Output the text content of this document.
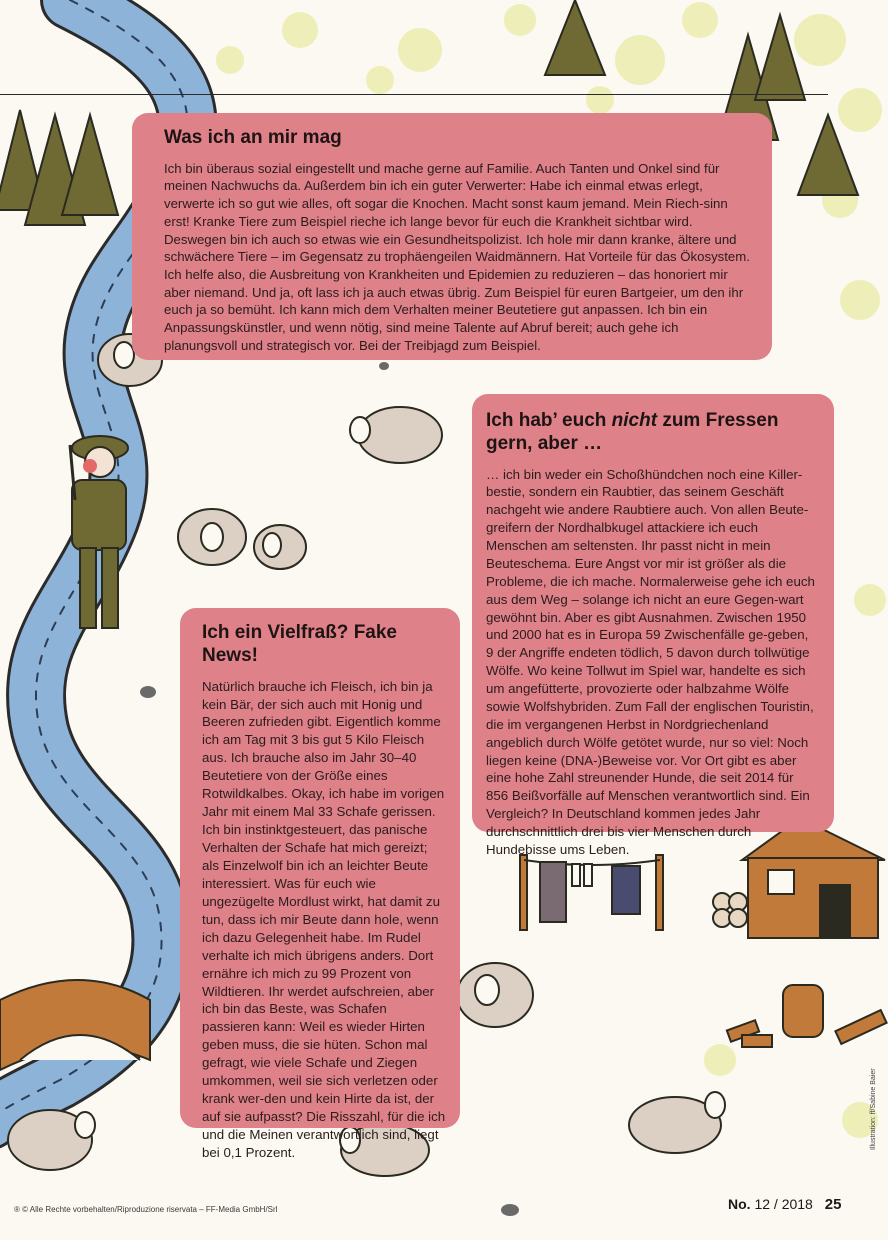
Was ich an mir mag

Ich bin überaus sozial eingestellt und mache gerne auf Familie. Auch Tanten und Onkel sind für meinen Nachwuchs da. Außerdem bin ich ein guter Verwerter: Habe ich einmal etwas erlegt, verwerte ich so gut wie alles, oft sogar die Knochen. Macht sonst kaum jemand. Mein Riech-sinn erst! Kranke Tiere zum Beispiel rieche ich lange bevor für euch die Krankheit sichtbar wird. Deswegen bin ich auch so etwas wie ein Gesundheitspolizist. Ich hole mir dann kranke, ältere und schwächere Tiere – im Gegensatz zu trophäengeilen Waidmännern. Hat Vorteile für das Ökosystem. Ich helfe also, die Ausbreitung von Krankheiten und Epidemien zu reduzieren – das honoriert mir aber niemand. Und ja, oft lass ich ja auch etwas übrig. Zum Beispiel für euren Bartgeier, um den ihr euch ja so bemüht. Ich kann mich dem Verhalten meiner Beutetiere gut anpassen. Ich bin ein Anpassungskünstler, und wenn nötig, sind meine Talente auf Abruf bereit; auch gehe ich planungsvoll und strategisch vor. Bei der Treibjagd zum Beispiel.

Ich hab’ euch nicht zum Fressen gern, aber …

… ich bin weder ein Schoßhündchen noch eine Killer-bestie, sondern ein Raubtier, das seinem Geschäft nachgeht wie andere Raubtiere auch. Von allen Beute-greifern der Nordhalbkugel attackiere ich euch Menschen am seltensten. Ihr passt nicht in mein Beuteschema. Eure Angst vor mir ist größer als die Probleme, die ich mache. Normalerweise gehe ich euch aus dem Weg – solange ich nicht an eure Gegen-wart gewöhnt bin. Aber es gibt Ausnahmen. Zwischen 1950 und 2000 hat es in Europa 59 Zwischenfälle ge-geben, 9 der Angriffe endeten tödlich, 5 davon durch tollwütige Wölfe. Wo keine Tollwut im Spiel war, handelte es sich um angefütterte, provozierte oder halbzahme Wölfe sowie Wolfshybriden. Zum Fall der englischen Touristin, die im vergangenen Herbst in Nordgriechenland angeblich durch Wölfe getötet wurde, nur so viel: Noch liegen keine (DNA-)Beweise vor. Vor Ort gibt es aber eine hohe Zahl streunender Hunde, die seit 2014 für 856 Beißvorfälle auf Menschen verantwortlich sind. Ein Vergleich? In Deutschland kommen jedes Jahr durchschnittlich drei bis vier Menschen durch Hundebisse ums Leben.

Ich ein Vielfraß? Fake News!

Natürlich brauche ich Fleisch, ich bin ja kein Bär, der sich auch mit Honig und Beeren zufrieden gibt. Eigentlich komme ich am Tag mit 3 bis gut 5 Kilo Fleisch aus. Ich brauche also im Jahr 30–40 Beutetiere von der Größe eines Rotwildkalbes. Okay, ich habe im vorigen Jahr mit einem Mal 33 Schafe gerissen. Ich bin instinktgesteuert, das panische Verhalten der Schafe hat mich gereizt; als Einzelwolf bin ich an leichter Beute interessiert. Was für euch wie ungezügelte Mordlust wirkt, hat damit zu tun, dass ich mir Beute dann hole, wenn ich dazu Gelegenheit habe. Im Rudel verhalte ich mich übrigens anders. Dort ernähre ich mich zu 99 Prozent von Wildtieren. Ihr werdet aufschreien, aber ich bin das Beste, was Schafen passieren kann: Weil es wieder Hirten geben muss, die sie hüten. Schon mal gefragt, wie viele Schafe und Ziegen umkommen, weil sie sich verletzen oder krank wer-den und kein Hirte da ist, der auf sie aufpasst? Die Risszahl, für die ich und die Meinen verantwortlich sind, liegt bei 0,1 Prozent.

® © Alle Rechte vorbehalten/Riproduzione riservata – FF-Media GmbH/Srl	No. 12 / 2018 25
Illustration: ff/Sabine Baier
